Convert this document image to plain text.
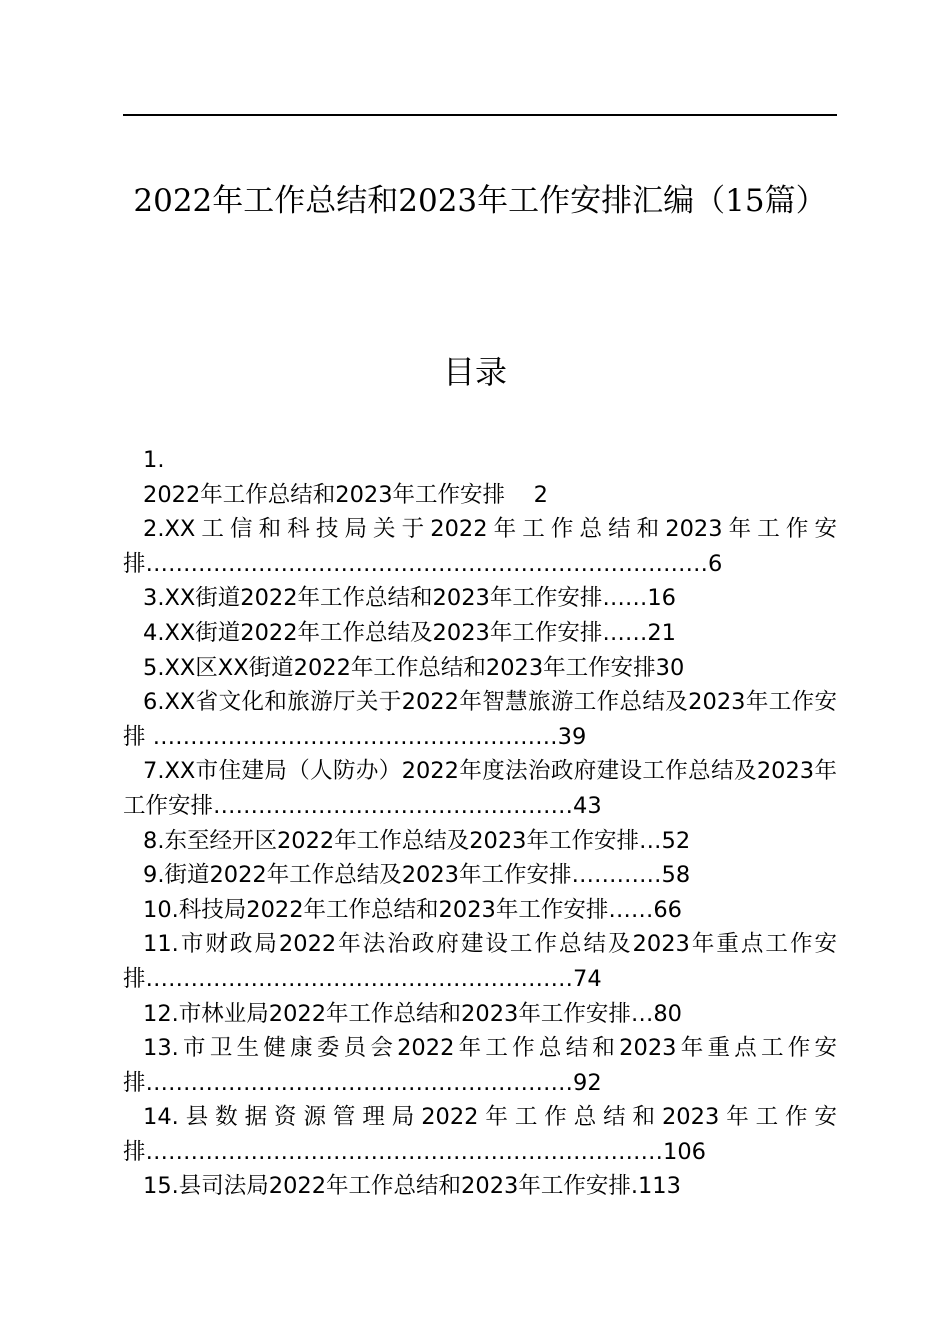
2022年工作总结和2023年工作安排汇编（15篇）
目录
1.
2022年工作总结和2023年工作安排 2
2.XX工信和科技局关于2022年工作总结和2023年工作安排…………………………………………………………………6
3.XX街道2022年工作总结和2023年工作安排……16
4.XX街道2022年工作总结及2023年工作安排……21
5.XX区XX街道2022年工作总结和2023年工作安排30
6.XX省文化和旅游厅关于2022年智慧旅游工作总结及2023年工作安排 ………………………………………………39
7.XX市住建局（人防办）2022年度法治政府建设工作总结及2023年工作安排…………………………………………43
8.东至经开区2022年工作总结及2023年工作安排…52
9.街道2022年工作总结及2023年工作安排…………58
10.科技局2022年工作总结和2023年工作安排……66
11.市财政局2022年法治政府建设工作总结及2023年重点工作安排…………………………………………………74
12.市林业局2022年工作总结和2023年工作安排…80
13.市卫生健康委员会2022年工作总结和2023年重点工作安排…………………………………………………92
14.县数据资源管理局2022年工作总结和2023年工作安排……………………………………………………………106
15.县司法局2022年工作总结和2023年工作安排.113
